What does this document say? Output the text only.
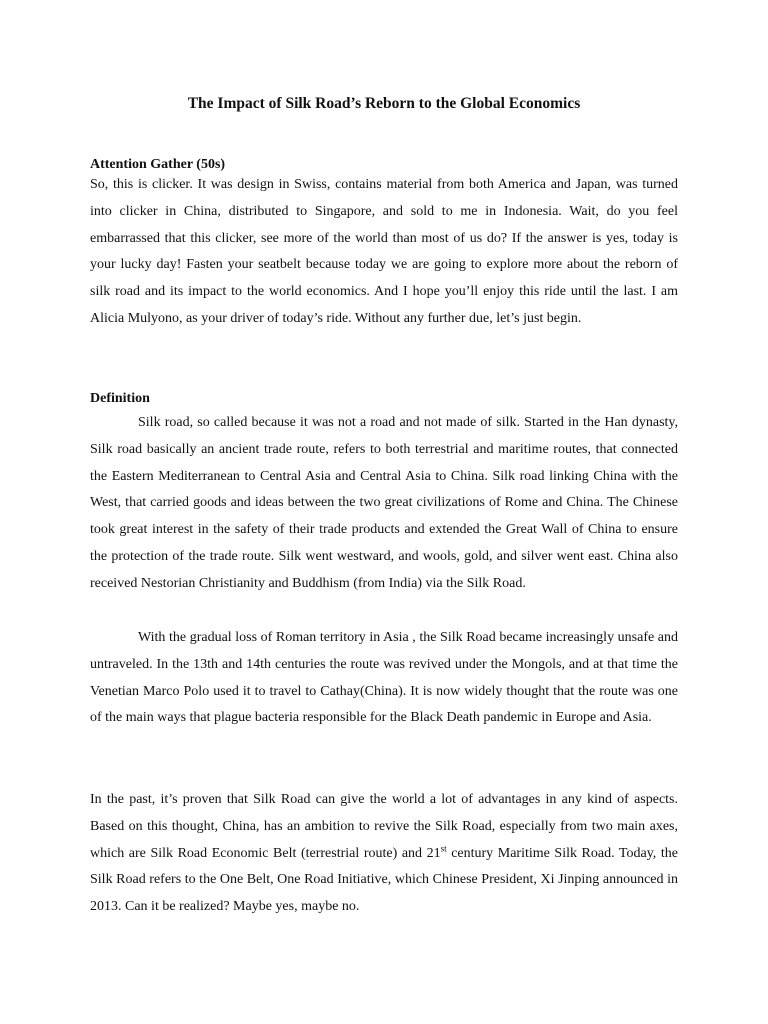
The Impact of Silk Road’s Reborn to the Global Economics
Attention Gather (50s)

So, this is clicker. It was design in Swiss, contains material from both America and Japan, was turned into clicker in China, distributed to Singapore, and sold to me in Indonesia. Wait, do you feel embarrassed that this clicker, see more of the world than most of us do? If the answer is yes, today is your lucky day! Fasten your seatbelt because today we are going to explore more about the reborn of silk road and its impact to the world economics. And I hope you’ll enjoy this ride until the last. I am Alicia Mulyono, as your driver of today’s ride. Without any further due, let’s just begin.

Definition

Silk road, so called because it was not a road and not made of silk. Started in the Han dynasty, Silk road basically an ancient trade route, refers to both terrestrial and maritime routes, that connected the Eastern Mediterranean to Central Asia and Central Asia to China. Silk road linking China with the West, that carried goods and ideas between the two great civilizations of Rome and China. The Chinese took great interest in the safety of their trade products and extended the Great Wall of China to ensure the protection of the trade route. Silk went westward, and wools, gold, and silver went east. China also received Nestorian Christianity and Buddhism (from India) via the Silk Road.

With the gradual loss of Roman territory in Asia , the Silk Road became increasingly unsafe and untraveled. In the 13th and 14th centuries the route was revived under the Mongols, and at that time the Venetian Marco Polo used it to travel to Cathay(China). It is now widely thought that the route was one of the main ways that plague bacteria responsible for the Black Death pandemic in Europe and Asia.

In the past, it’s proven that Silk Road can give the world a lot of advantages in any kind of aspects. Based on this thought, China, has an ambition to revive the Silk Road, especially from two main axes, which are Silk Road Economic Belt (terrestrial route) and 21st century Maritime Silk Road. Today, the Silk Road refers to the One Belt, One Road Initiative, which Chinese President, Xi Jinping announced in 2013. Can it be realized? Maybe yes, maybe no.
